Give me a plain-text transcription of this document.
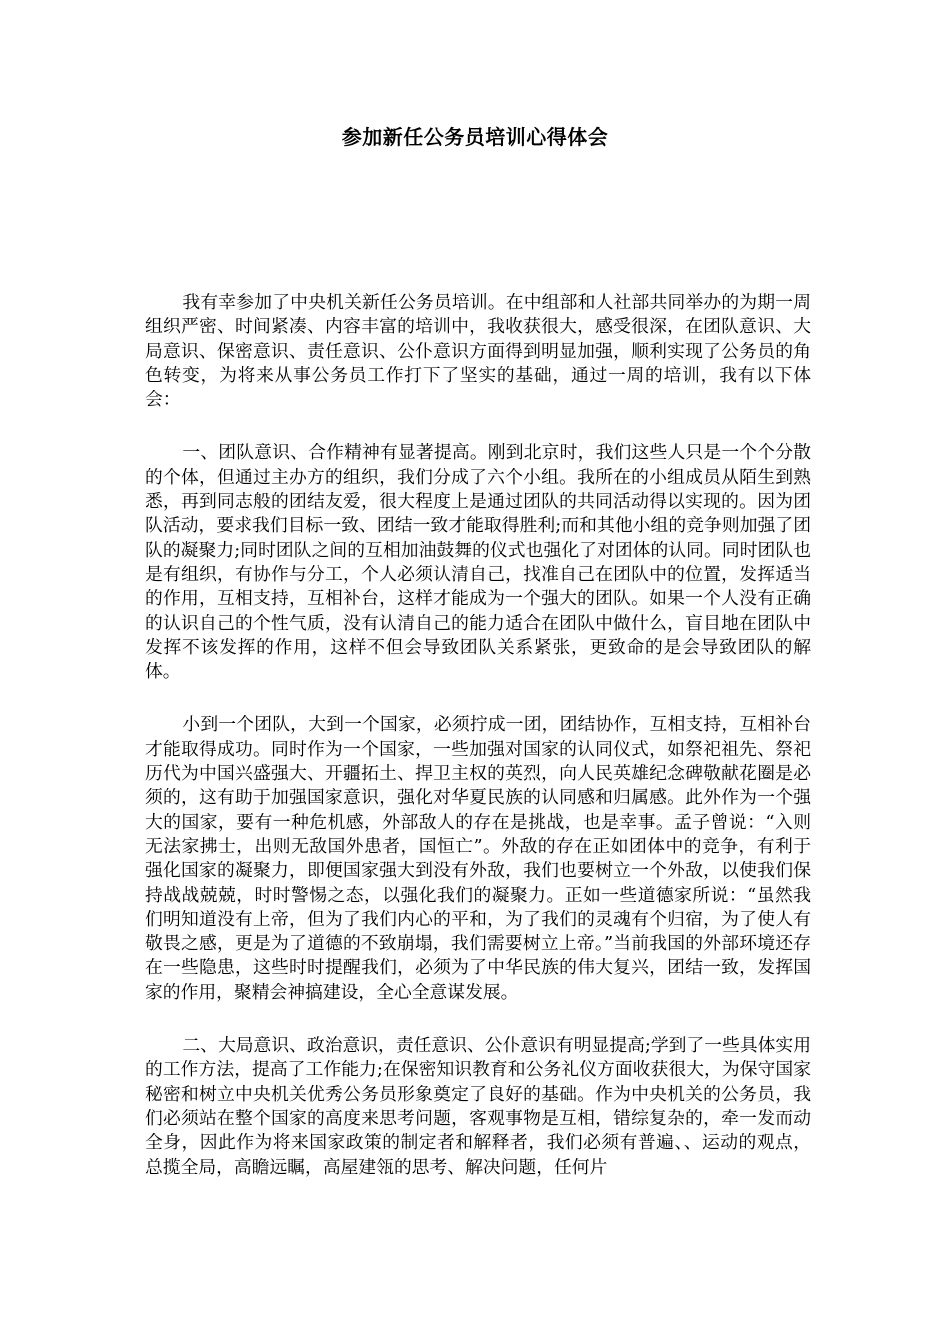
参加新任公务员培训心得体会

我有幸参加了中央机关新任公务员培训。在中组部和人社部共同举办的为期一周组织严密、时间紧凑、内容丰富的培训中，我收获很大，感受很深，在团队意识、大局意识、保密意识、责任意识、公仆意识方面得到明显加强，顺利实现了公务员的角色转变，为将来从事公务员工作打下了坚实的基础，通过一周的培训，我有以下体会：

一、团队意识、合作精神有显著提高。刚到北京时，我们这些人只是一个个分散的个体，但通过主办方的组织，我们分成了六个小组。我所在的小组成员从陌生到熟悉，再到同志般的团结友爱，很大程度上是通过团队的共同活动得以实现的。因为团队活动，要求我们目标一致、团结一致才能取得胜利;而和其他小组的竞争则加强了团队的凝聚力;同时团队之间的互相加油鼓舞的仪式也强化了对团体的认同。同时团队也是有组织，有协作与分工，个人必须认清自己，找准自己在团队中的位置，发挥适当的作用，互相支持，互相补台，这样才能成为一个强大的团队。如果一个人没有正确的认识自己的个性气质，没有认清自己的能力适合在团队中做什么，盲目地在团队中发挥不该发挥的作用，这样不但会导致团队关系紧张，更致命的是会导致团队的解体。

小到一个团队，大到一个国家，必须拧成一团，团结协作，互相支持，互相补台才能取得成功。同时作为一个国家，一些加强对国家的认同仪式，如祭祀祖先、祭祀历代为中国兴盛强大、开疆拓土、捍卫主权的英烈，向人民英雄纪念碑敬献花圈是必须的，这有助于加强国家意识，强化对华夏民族的认同感和归属感。此外作为一个强大的国家，要有一种危机感，外部敌人的存在是挑战，也是幸事。孟子曾说：“入则无法家拂士，出则无敌国外患者，国恒亡”。外敌的存在正如团体中的竞争，有利于强化国家的凝聚力，即便国家强大到没有外敌，我们也要树立一个外敌，以使我们保持战战兢兢，时时警惕之态，以强化我们的凝聚力。正如一些道德家所说：“虽然我们明知道没有上帝，但为了我们内心的平和，为了我们的灵魂有个归宿，为了使人有敬畏之感，更是为了道德的不致崩塌，我们需要树立上帝。”当前我国的外部环境还存在一些隐患，这些时时提醒我们，必须为了中华民族的伟大复兴，团结一致，发挥国家的作用，聚精会神搞建设，全心全意谋发展。

二、大局意识、政治意识，责任意识、公仆意识有明显提高;学到了一些具体实用的工作方法，提高了工作能力;在保密知识教育和公务礼仪方面收获很大，为保守国家秘密和树立中央机关优秀公务员形象奠定了良好的基础。作为中央机关的公务员，我们必须站在整个国家的高度来思考问题，客观事物是互相，错综复杂的，牵一发而动全身，因此作为将来国家政策的制定者和解释者，我们必须有普遍、、运动的观点，总揽全局，高瞻远瞩，高屋建瓴的思考、解决问题，任何片
